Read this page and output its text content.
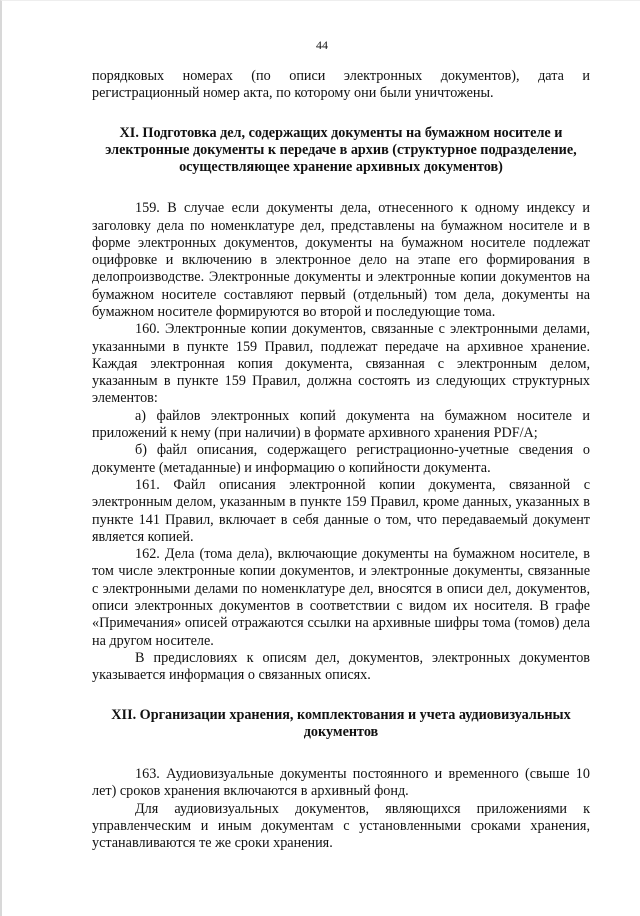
44

порядковых номерах (по описи электронных документов), дата и регистрационный номер акта, по которому они были уничтожены.

XI. Подготовка дел, содержащих документы на бумажном носителе и электронные документы к передаче в архив (структурное подразделение, осуществляющее хранение архивных документов)

159. В случае если документы дела, отнесенного к одному индексу и заголовку дела по номенклатуре дел, представлены на бумажном носителе и в форме электронных документов, документы на бумажном носителе подлежат оцифровке и включению в электронное дело на этапе его формирования в делопроизводстве. Электронные документы и электронные копии документов на бумажном носителе составляют первый (отдельный) том дела, документы на бумажном носителе формируются во второй и последующие тома.

160. Электронные копии документов, связанные с электронными делами, указанными в пункте 159 Правил, подлежат передаче на архивное хранение. Каждая электронная копия документа, связанная с электронным делом, указанным в пункте 159 Правил, должна состоять из следующих структурных элементов:

а) файлов электронных копий документа на бумажном носителе и приложений к нему (при наличии) в формате архивного хранения PDF/A;

б) файл описания, содержащего регистрационно-учетные сведения о документе (метаданные) и информацию о копийности документа.

161. Файл описания электронной копии документа, связанной с электронным делом, указанным в пункте 159 Правил, кроме данных, указанных в пункте 141 Правил, включает в себя данные о том, что передаваемый документ является копией.

162. Дела (тома дела), включающие документы на бумажном носителе, в том числе электронные копии документов, и электронные документы, связанные с электронными делами по номенклатуре дел, вносятся в описи дел, документов, описи электронных документов в соответствии с видом их носителя. В графе «Примечания» описей отражаются ссылки на архивные шифры тома (томов) дела на другом носителе.

В предисловиях к описям дел, документов, электронных документов указывается информация о связанных описях.

XII. Организации хранения, комплектования и учета аудиовизуальных документов

163. Аудиовизуальные документы постоянного и временного (свыше 10 лет) сроков хранения включаются в архивный фонд.

Для аудиовизуальных документов, являющихся приложениями к управленческим и иным документам с установленными сроками хранения, устанавливаются те же сроки хранения.
